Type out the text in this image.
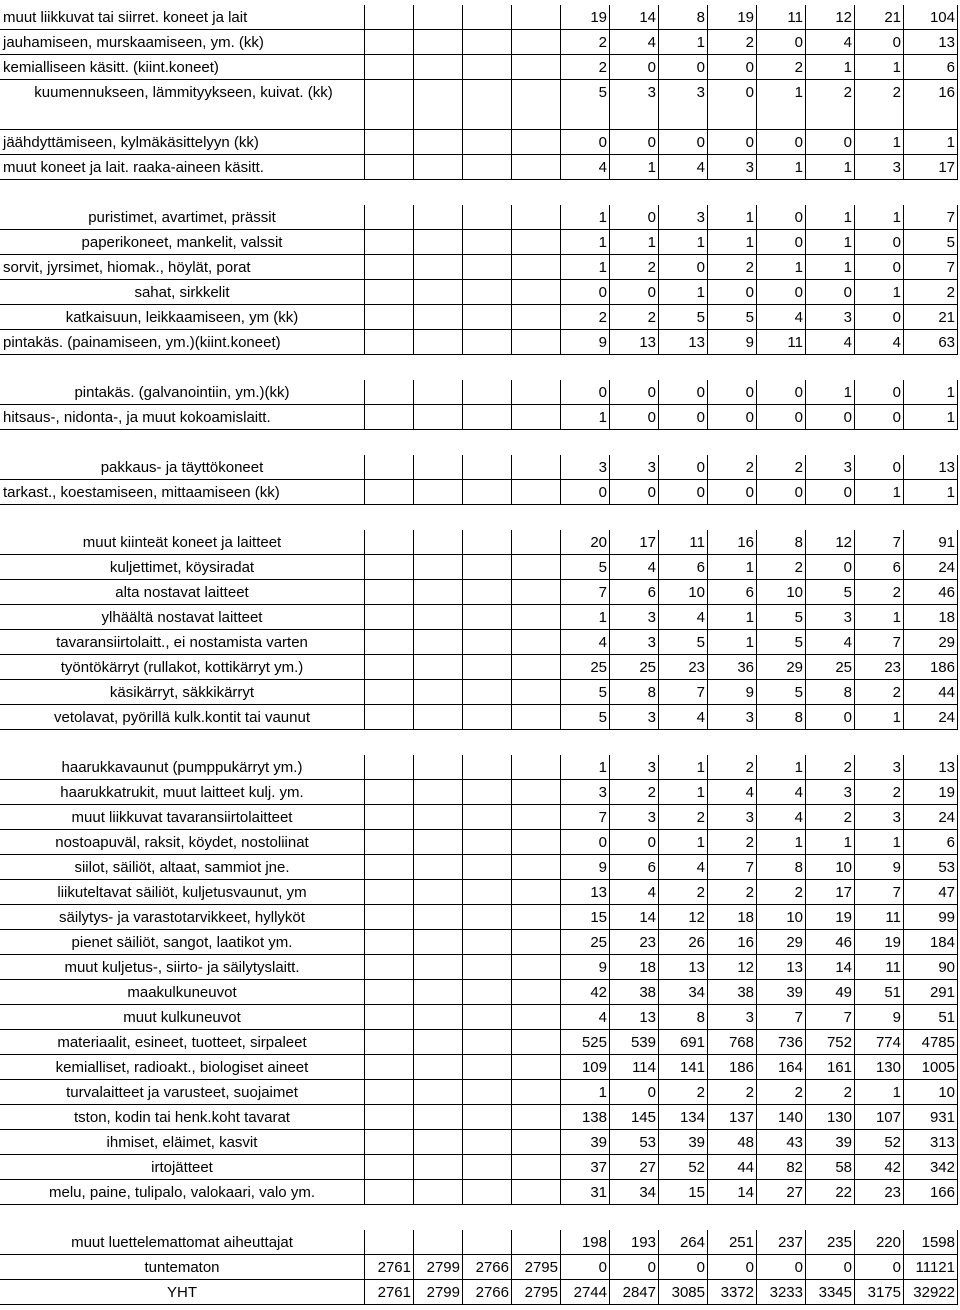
muut liikkuvat tai siirret. koneet ja lait	19	14	8	19	11	12	21	104
jauhamiseen, murskaamiseen, ym. (kk)	2	4	1	2	0	4	0	13
kemialliseen käsitt. (kiint.koneet)	2	0	0	0	2	1	1	6
kuumennukseen, lämmityykseen, kuivat. (kk)	5	3	3	0	1	2	2	16
jäähdyttämiseen, kylmäkäsittelyyn (kk)	0	0	0	0	0	0	1	1
muut koneet ja lait. raaka-aineen käsitt.	4	1	4	3	1	1	3	17
puristimet, avartimet, prässit	1	0	3	1	0	1	1	7
paperikoneet, mankelit, valssit	1	1	1	1	0	1	0	5
sorvit, jyrsimet, hiomak., höylät, porat	1	2	0	2	1	1	0	7
sahat, sirkkelit	0	0	1	0	0	0	1	2
katkaisuun, leikkaamiseen, ym (kk)	2	2	5	5	4	3	0	21
pintakäs. (painamiseen, ym.)(kiint.koneet)	9	13	13	9	11	4	4	63
pintakäs. (galvanointiin, ym.)(kk)	0	0	0	0	0	1	0	1
hitsaus-, nidonta-, ja muut kokoamislaitt.	1	0	0	0	0	0	0	1
pakkaus- ja täyttökoneet	3	3	0	2	2	3	0	13
tarkast., koestamiseen, mittaamiseen (kk)	0	0	0	0	0	0	1	1
muut kiinteät koneet ja laitteet	20	17	11	16	8	12	7	91
kuljettimet, köysiradat	5	4	6	1	2	0	6	24
alta nostavat laitteet	7	6	10	6	10	5	2	46
ylhäältä nostavat laitteet	1	3	4	1	5	3	1	18
tavaransiirtolaitt., ei nostamista varten	4	3	5	1	5	4	7	29
työntökärryt (rullakot, kottikärryt ym.)	25	25	23	36	29	25	23	186
käsikärryt, säkkikärryt	5	8	7	9	5	8	2	44
vetolavat, pyörillä kulk.kontit tai vaunut	5	3	4	3	8	0	1	24
haarukkavaunut (pumppukärryt ym.)	1	3	1	2	1	2	3	13
haarukkatrukit, muut laitteet kulj. ym.	3	2	1	4	4	3	2	19
muut liikkuvat tavaransiirtolaitteet	7	3	2	3	4	2	3	24
nostoapuväl, raksit, köydet, nostoliinat	0	0	1	2	1	1	1	6
siilot, säiliöt, altaat, sammiot jne.	9	6	4	7	8	10	9	53
liikuteltavat säiliöt, kuljetusvaunut, ym	13	4	2	2	2	17	7	47
säilytys- ja varastotarvikkeet, hyllyköt	15	14	12	18	10	19	11	99
pienet säiliöt, sangot, laatikot ym.	25	23	26	16	29	46	19	184
muut kuljetus-, siirto- ja säilytyslaitt.	9	18	13	12	13	14	11	90
maakulkuneuvot	42	38	34	38	39	49	51	291
muut kulkuneuvot	4	13	8	3	7	7	9	51
materiaalit, esineet, tuotteet, sirpaleet	525	539	691	768	736	752	774	4785
kemialliset, radioakt., biologiset aineet	109	114	141	186	164	161	130	1005
turvalaitteet ja varusteet, suojaimet	1	0	2	2	2	2	1	10
tston, kodin tai henk.koht tavarat	138	145	134	137	140	130	107	931
ihmiset, eläimet, kasvit	39	53	39	48	43	39	52	313
irtojätteet	37	27	52	44	82	58	42	342
melu, paine, tulipalo, valokaari, valo ym.	31	34	15	14	27	22	23	166
muut luettelemattomat aiheuttajat	198	193	264	251	237	235	220	1598
tuntematon	2761	2799	2766	2795	0	0	0	0	0	0	0 11121
YHT	2761	2799	2766	2795	2744	2847	3085	3372	3233	3345	3175 32922
